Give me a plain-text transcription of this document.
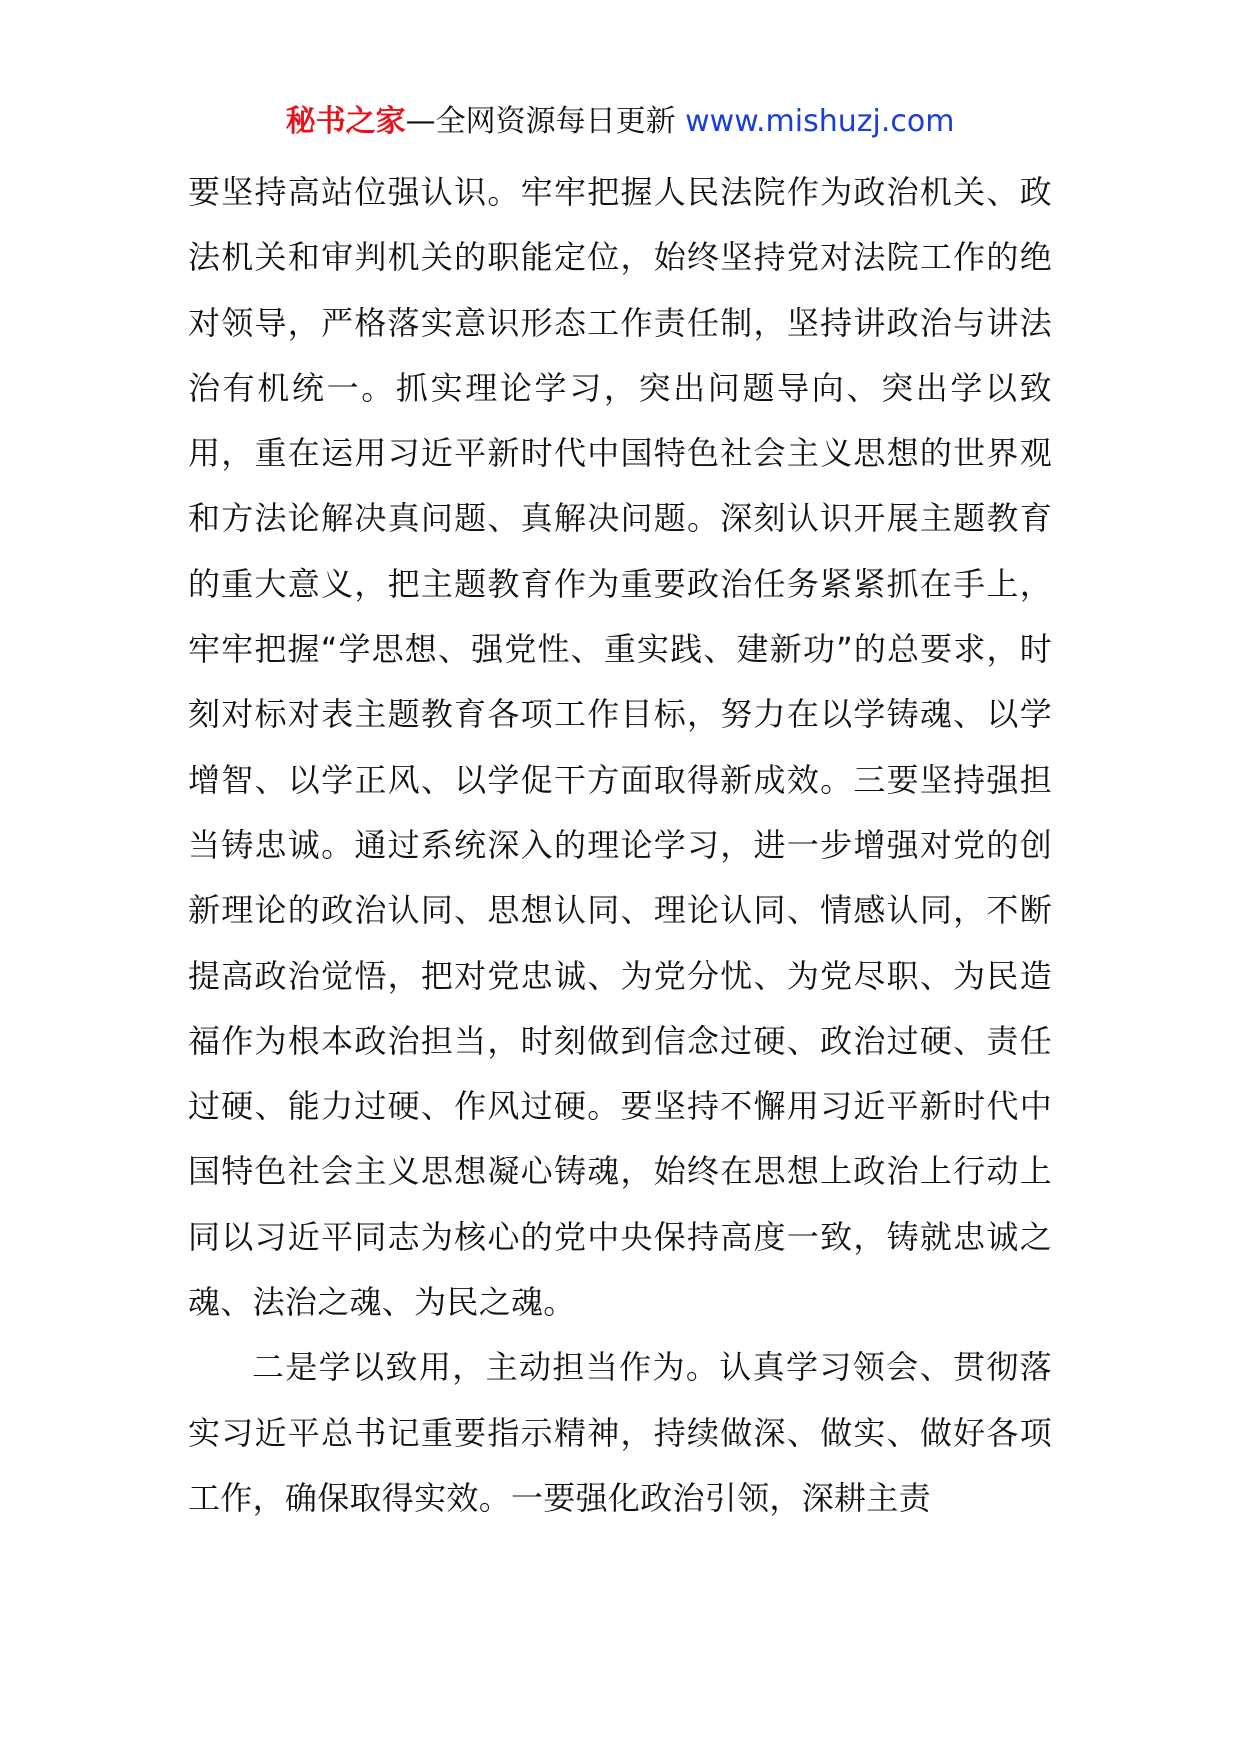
秘书之家—全网资源每日更新 www.mishuzj.com

要坚持高站位强认识。牢牢把握人民法院作为政治机关、政法机关和审判机关的职能定位，始终坚持党对法院工作的绝对领导，严格落实意识形态工作责任制，坚持讲政治与讲法治有机统一。抓实理论学习，突出问题导向、突出学以致用，重在运用习近平新时代中国特色社会主义思想的世界观和方法论解决真问题、真解决问题。深刻认识开展主题教育的重大意义，把主题教育作为重要政治任务紧紧抓在手上，牢牢把握“学思想、强党性、重实践、建新功”的总要求，时刻对标对表主题教育各项工作目标，努力在以学铸魂、以学增智、以学正风、以学促干方面取得新成效。三要坚持强担当铸忠诚。通过系统深入的理论学习，进一步增强对党的创新理论的政治认同、思想认同、理论认同、情感认同，不断提高政治觉悟，把对党忠诚、为党分忧、为党尽职、为民造福作为根本政治担当，时刻做到信念过硬、政治过硬、责任过硬、能力过硬、作风过硬。要坚持不懈用习近平新时代中国特色社会主义思想凝心铸魂，始终在思想上政治上行动上同以习近平同志为核心的党中央保持高度一致，铸就忠诚之魂、法治之魂、为民之魂。

二是学以致用，主动担当作为。认真学习领会、贯彻落实习近平总书记重要指示精神，持续做深、做实、做好各项工作，确保取得实效。一要强化政治引领，深耕主责
